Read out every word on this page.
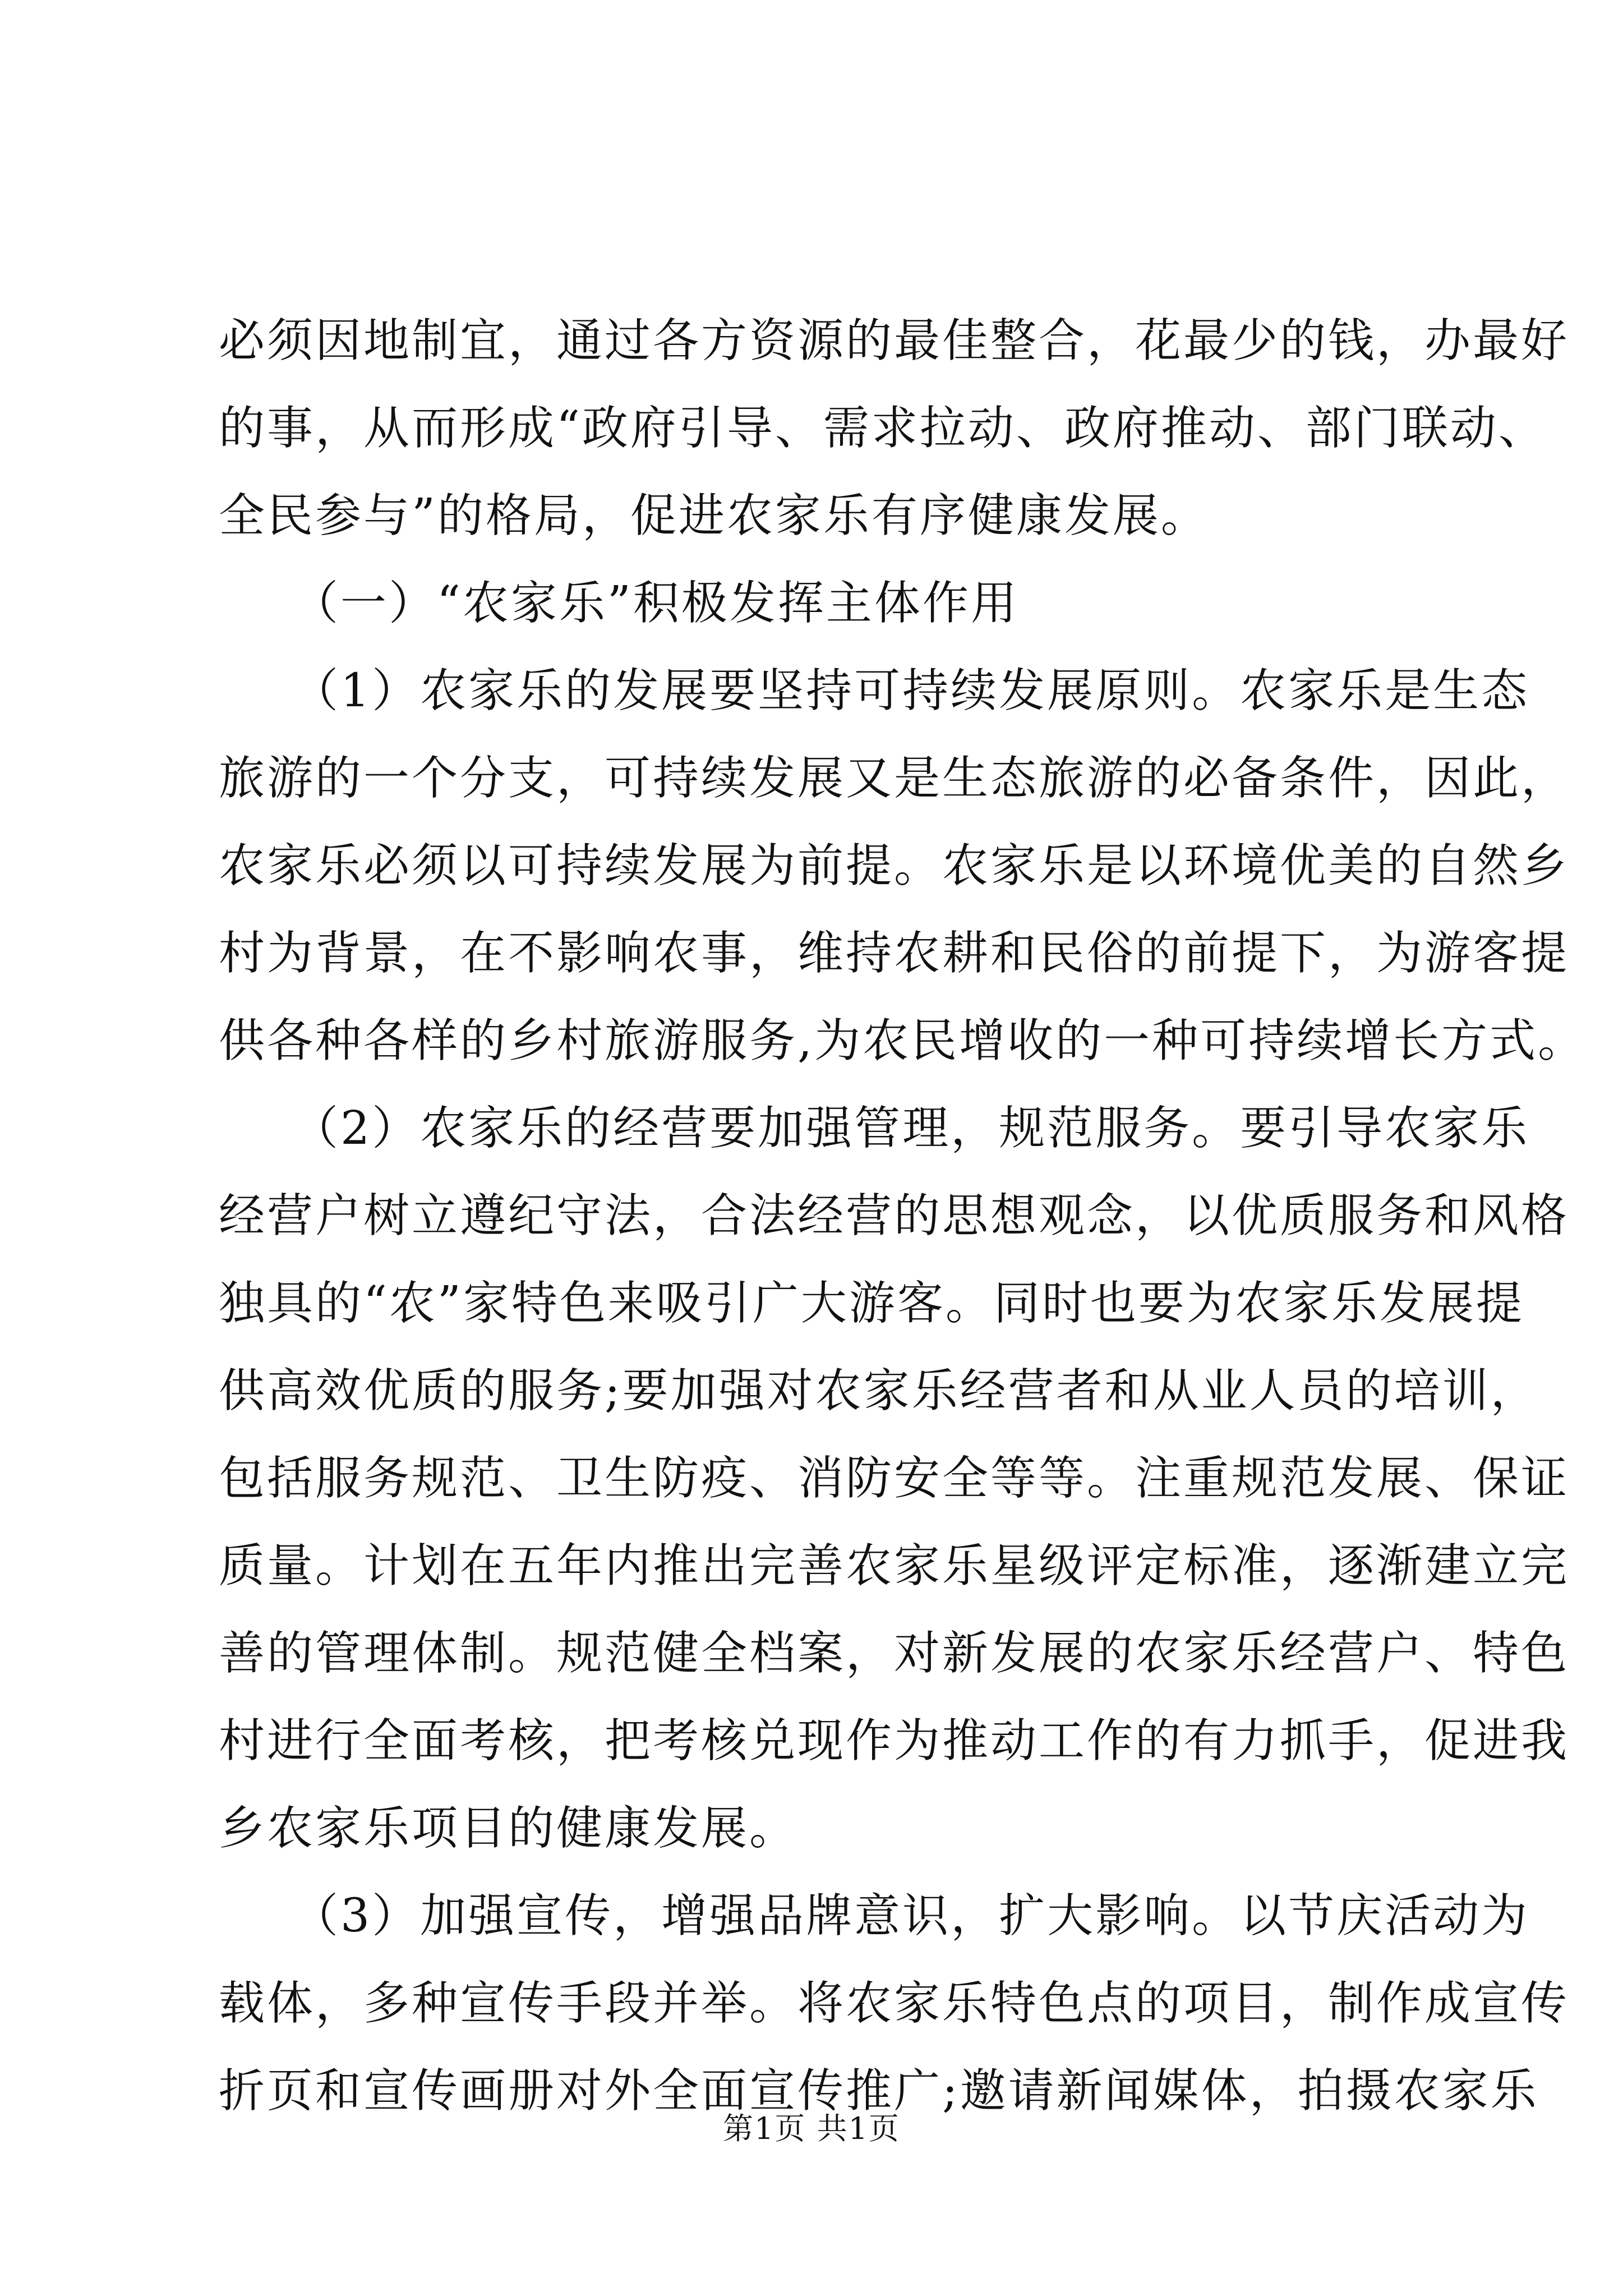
必须因地制宜，通过各方资源的最佳整合，花最少的钱，办最好
的事，从而形成“政府引导、需求拉动、政府推动、部门联动、
全民参与”的格局，促进农家乐有序健康发展。
　　（一）“农家乐”积极发挥主体作用
　　（1）农家乐的发展要坚持可持续发展原则。农家乐是生态
旅游的一个分支，可持续发展又是生态旅游的必备条件，因此，
农家乐必须以可持续发展为前提。农家乐是以环境优美的自然乡
村为背景，在不影响农事，维持农耕和民俗的前提下，为游客提
供各种各样的乡村旅游服务,为农民增收的一种可持续增长方式。
　　（2）农家乐的经营要加强管理，规范服务。要引导农家乐
经营户树立遵纪守法，合法经营的思想观念，以优质服务和风格
独具的“农”家特色来吸引广大游客。同时也要为农家乐发展提
供高效优质的服务;要加强对农家乐经营者和从业人员的培训，
包括服务规范、卫生防疫、消防安全等等。注重规范发展、保证
质量。计划在五年内推出完善农家乐星级评定标准，逐渐建立完
善的管理体制。规范健全档案，对新发展的农家乐经营户、特色
村进行全面考核，把考核兑现作为推动工作的有力抓手，促进我
乡农家乐项目的健康发展。
　　（3）加强宣传，增强品牌意识，扩大影响。以节庆活动为
载体，多种宣传手段并举。将农家乐特色点的项目，制作成宣传
折页和宣传画册对外全面宣传推广;邀请新闻媒体，拍摄农家乐
第1页 共1页
